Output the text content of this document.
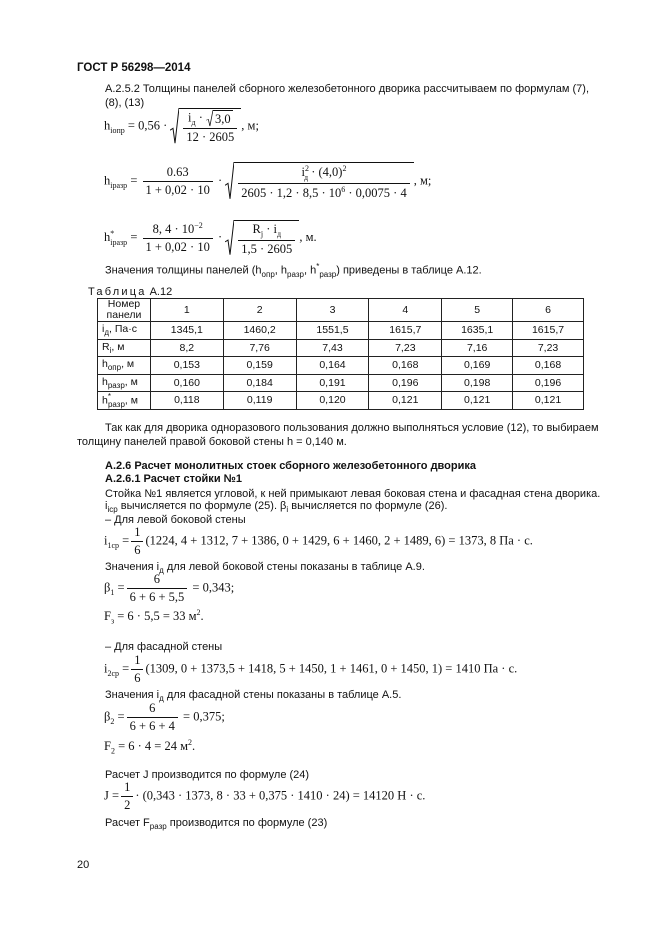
ГОСТ Р 56298—2014
А.2.5.2 Толщины панелей сборного железобетонного дворика рассчитываем по формулам (7), (8), (13)
$h_{iопр} = 0,56 \cdot i_д$ ·
3,0
12 · 2605 , м;
$h_{iразр} = \frac{0.63}{1 + 0,02 \cdot 10} \cdot \frac{i^2_д \cdot (4,0)^2}{2605 \cdot 1,2 \cdot 8,5 \cdot 10^6 \cdot 0,0075 \cdot 4}$ , м;
$h^*_{iразр} = \frac{8, 4 \cdot 10^{-2}}{1 + 0,02 \cdot 10} \cdot \frac{R_j \cdot i_д}{1,5 \cdot 2605}$ , м.
Значения толщины панелей ($h_{опр}$, $h_{разр}$, $h^*_{разр}$) приведены в таблице А.12.
Таблица А.12
Номер
панели	1	2	3	4	5	6
$i_д$, Па·с	1345,1	1460,2	1551,5	1615,7	1635,1	1615,7
$R_i$, м	8,2	7,76	7,43	7,23	7,16	7,23
$h_{опр}$, м	0,153	0,159	0,164	0,168	0,169	0,168
$h_{разр}$, м	0,160	0,184	0,191	0,196	0,198	0,196
$h^*_{разр}$, м	0,118	0,119	0,120	0,121	0,121	0,121
Так как для дворика одноразового пользования должно выполняться условие (12), то выбираем
толщину панелей правой боковой стены h = 0,140 м.
А.2.6 Расчет монолитных стоек сборного железобетонного дворика
А.2.6.1 Расчет стойки №1
Стойка №1 является угловой, к ней примыкают левая боковая стена и фасадная стена дворика.
$i_{icp}$ вычисляется по формуле (25). $\beta_i$ вычисляется по формуле (26).
– Для левой боковой стены
$i_{1ср} = \frac{1}{6} (1224$, 4 + 1312, 7 + 1386, 0 + 1429, 6 + 1460, 2 + 1489, 6) = 1373, 8 Па · с.
Значения $i_д$ для левой боковой стены показаны в таблице А.9.
$\beta_1 = \frac{6}{6 + 6 + 5,5} = 0,343$;
$F_з = 6 \cdot 5,5 = 33$ $м^2$.
– Для фасадной стены
$i_{2ср} = \frac{1}{6} (1309$, 0 + 1373,5 + 1418, 5 + 1450, 1 + 1461, 0 + 1450, 1) = 1410 Па · с.
Значения $i_д$ для фасадной стены показаны в таблице А.5.
$\beta_2 = \frac{6}{6 + 6 + 4} = 0,375$;
$F_2 = 6 \cdot 4 = 24$ $м^2$.
Расчет J производится по формуле (24)
$J = \frac{1}{2} \cdot (0,343 \cdot 1373$, 8 · 33 + 0,375 · 1410 · 24) = 14120 Н · с.
Расчет $F_{разр}$ производится по формуле (23)
20
